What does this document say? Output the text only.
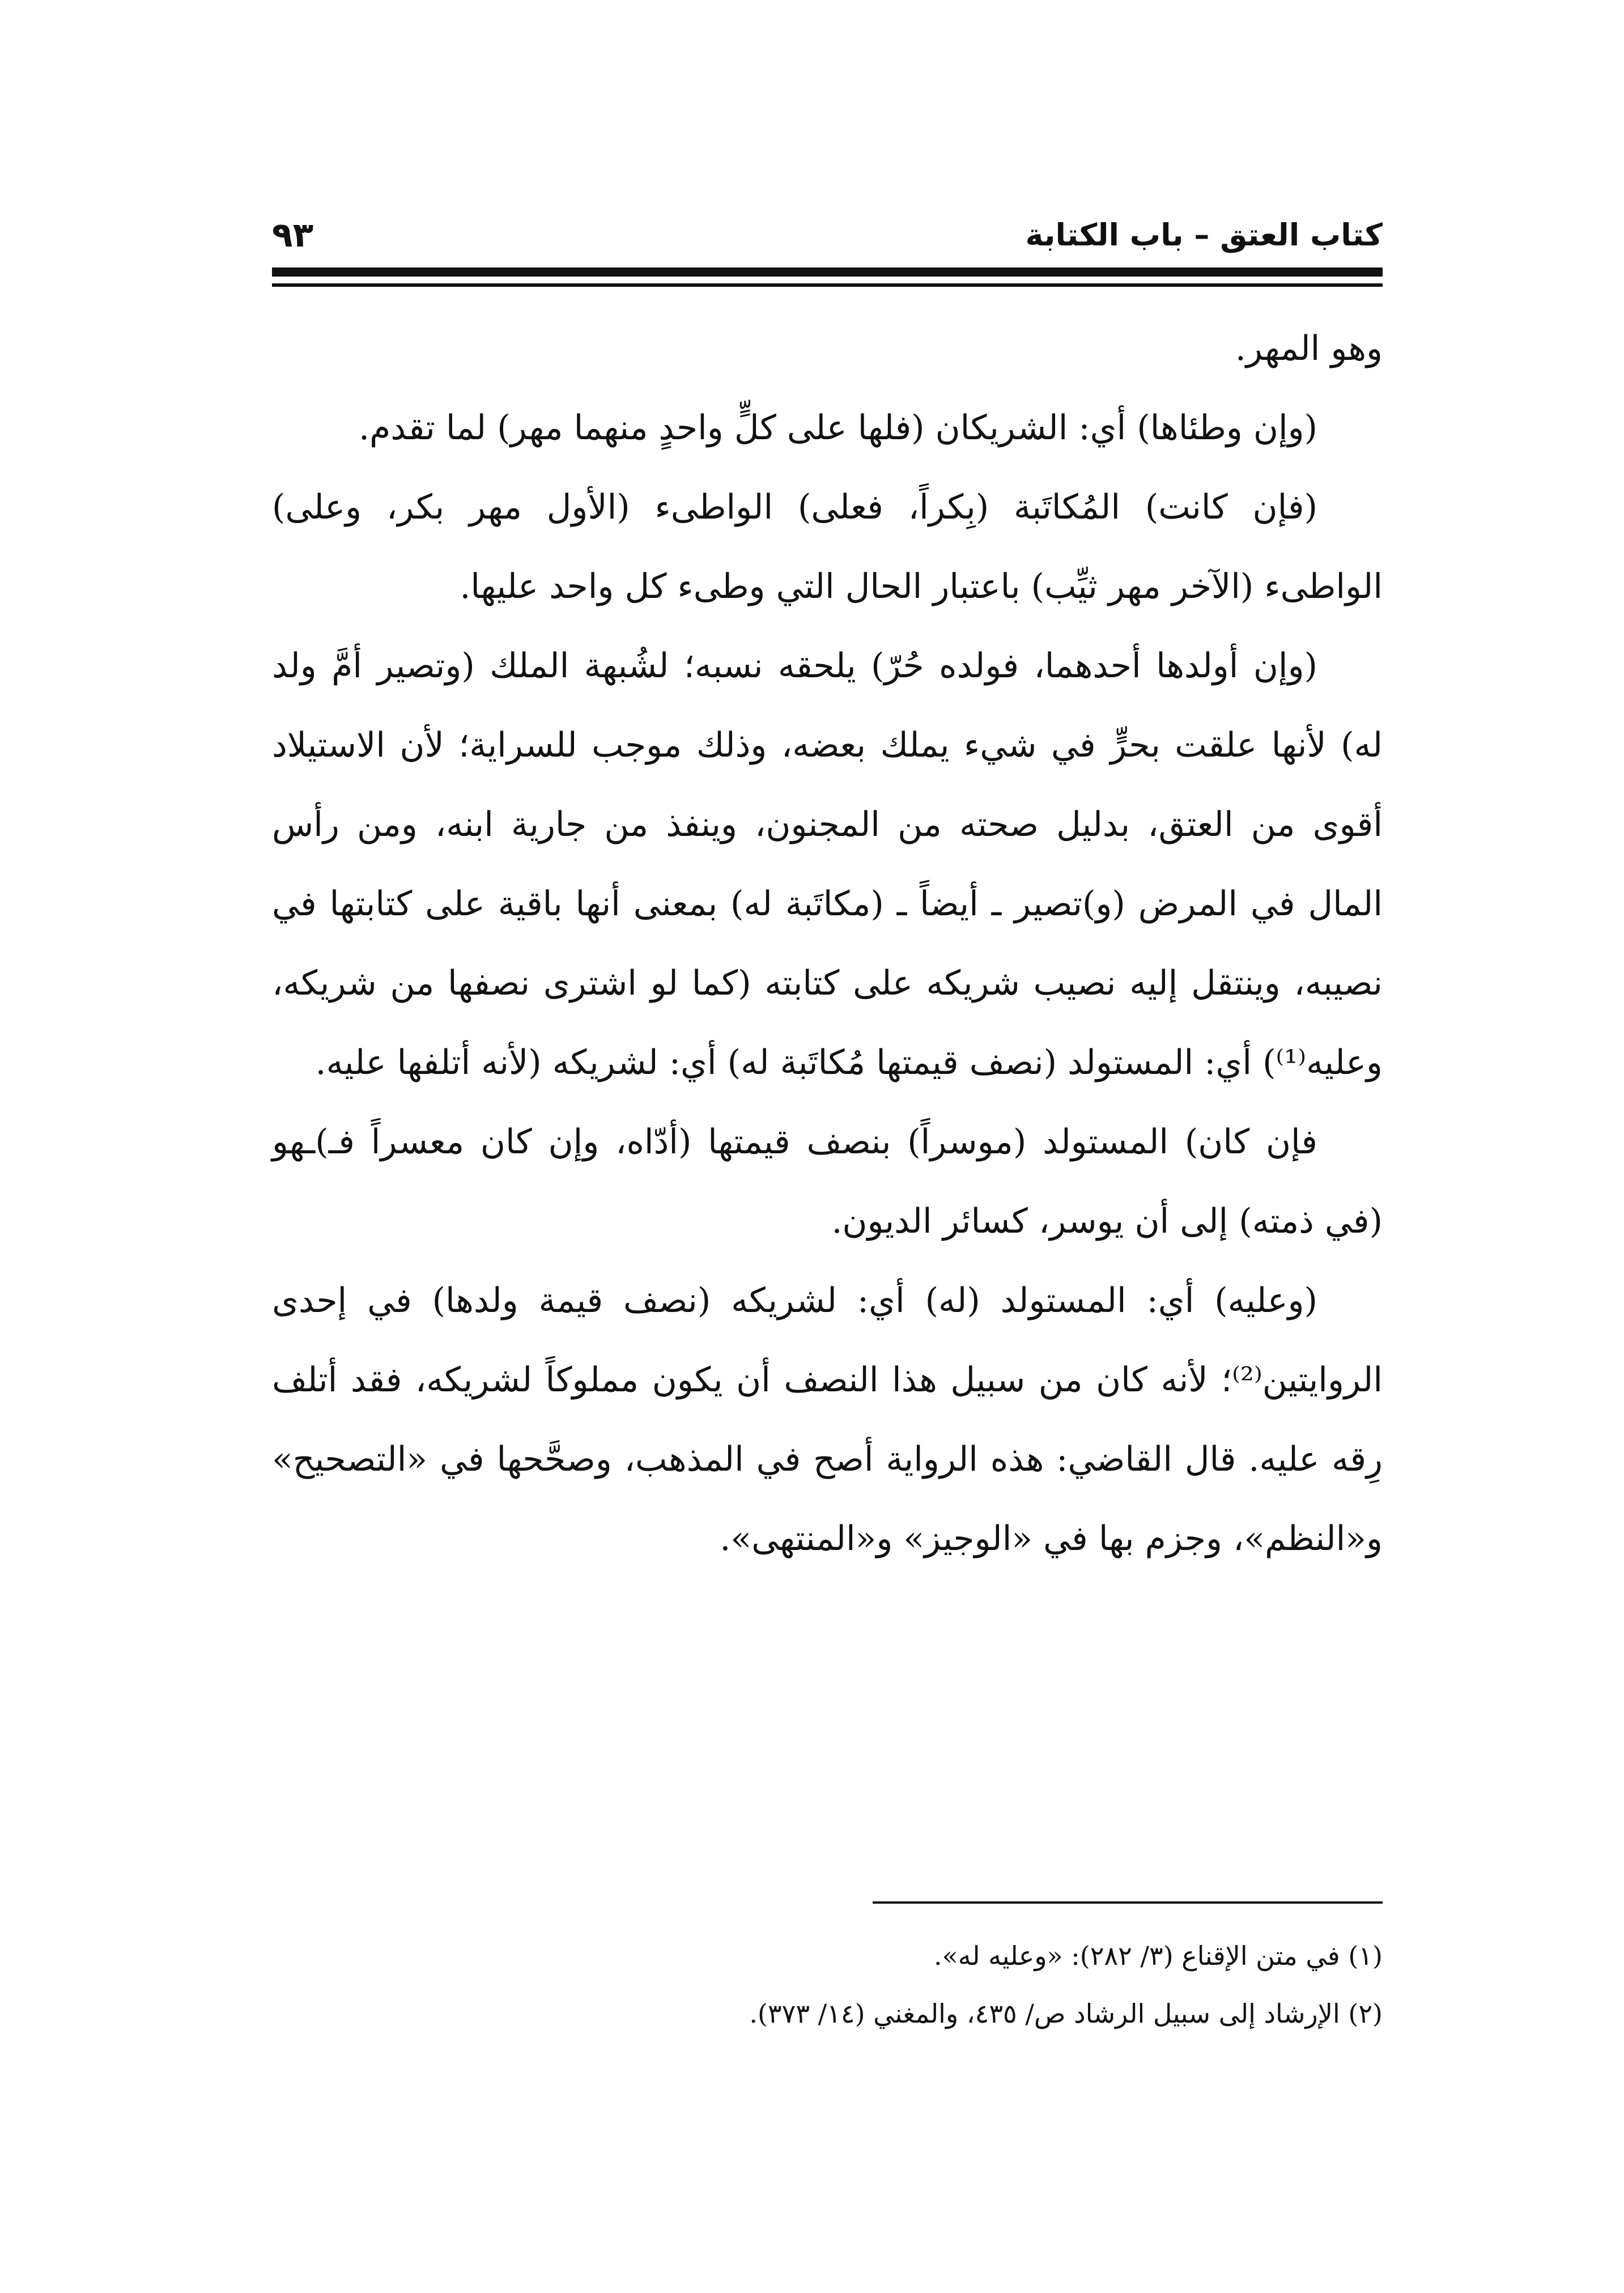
كتاب العتق – باب الكتابة
٩٣

وهو المهر.

(وإن وطئاها) أي: الشريكان (فلها على كلٍّ واحدٍ منهما مهر) لما تقدم.

(فإن كانت) المُكاتَبة (بِكراً، فعلى) الواطىء (الأول مهر بكر، وعلى) الواطىء (الآخر مهر ثيِّب) باعتبار الحال التي وطىء كل واحد عليها.

(وإن أولدها أحدهما، فولده حُرّ) يلحقه نسبه؛ لشُبهة الملك (وتصير أمَّ ولد له) لأنها علقت بحرٍّ في شيء يملك بعضه، وذلك موجب للسراية؛ لأن الاستيلاد أقوى من العتق، بدليل صحته من المجنون، وينفذ من جارية ابنه، ومن رأس المال في المرض (و)تصير ـ أيضاً ـ (مكاتَبة له) بمعنى أنها باقية على كتابتها في نصيبه، وينتقل إليه نصيب شريكه على كتابته (كما لو اشترى نصفها من شريكه، وعليه⁽¹⁾) أي: المستولد (نصف قيمتها مُكاتَبة له) أي: لشريكه (لأنه أتلفها عليه.

فإن كان) المستولد (موسراً) بنصف قيمتها (أدّاه، وإن كان معسراً فـ)ـهو (في ذمته) إلى أن يوسر، كسائر الديون.

(وعليه) أي: المستولد (له) أي: لشريكه (نصف قيمة ولدها) في إحدى الروايتين⁽²⁾؛ لأنه كان من سبيل هذا النصف أن يكون مملوكاً لشريكه، فقد أتلف رِقه عليه. قال القاضي: هذه الرواية أصح في المذهب، وصحَّحها في «التصحيح» و«النظم»، وجزم بها في «الوجيز» و«المنتهى».

(١) في متن الإقناع (٣/ ٢٨٢): «وعليه له».

(٢) الإرشاد إلى سبيل الرشاد ص/ ٤٣٥، والمغني (١٤/ ٣٧٣).
